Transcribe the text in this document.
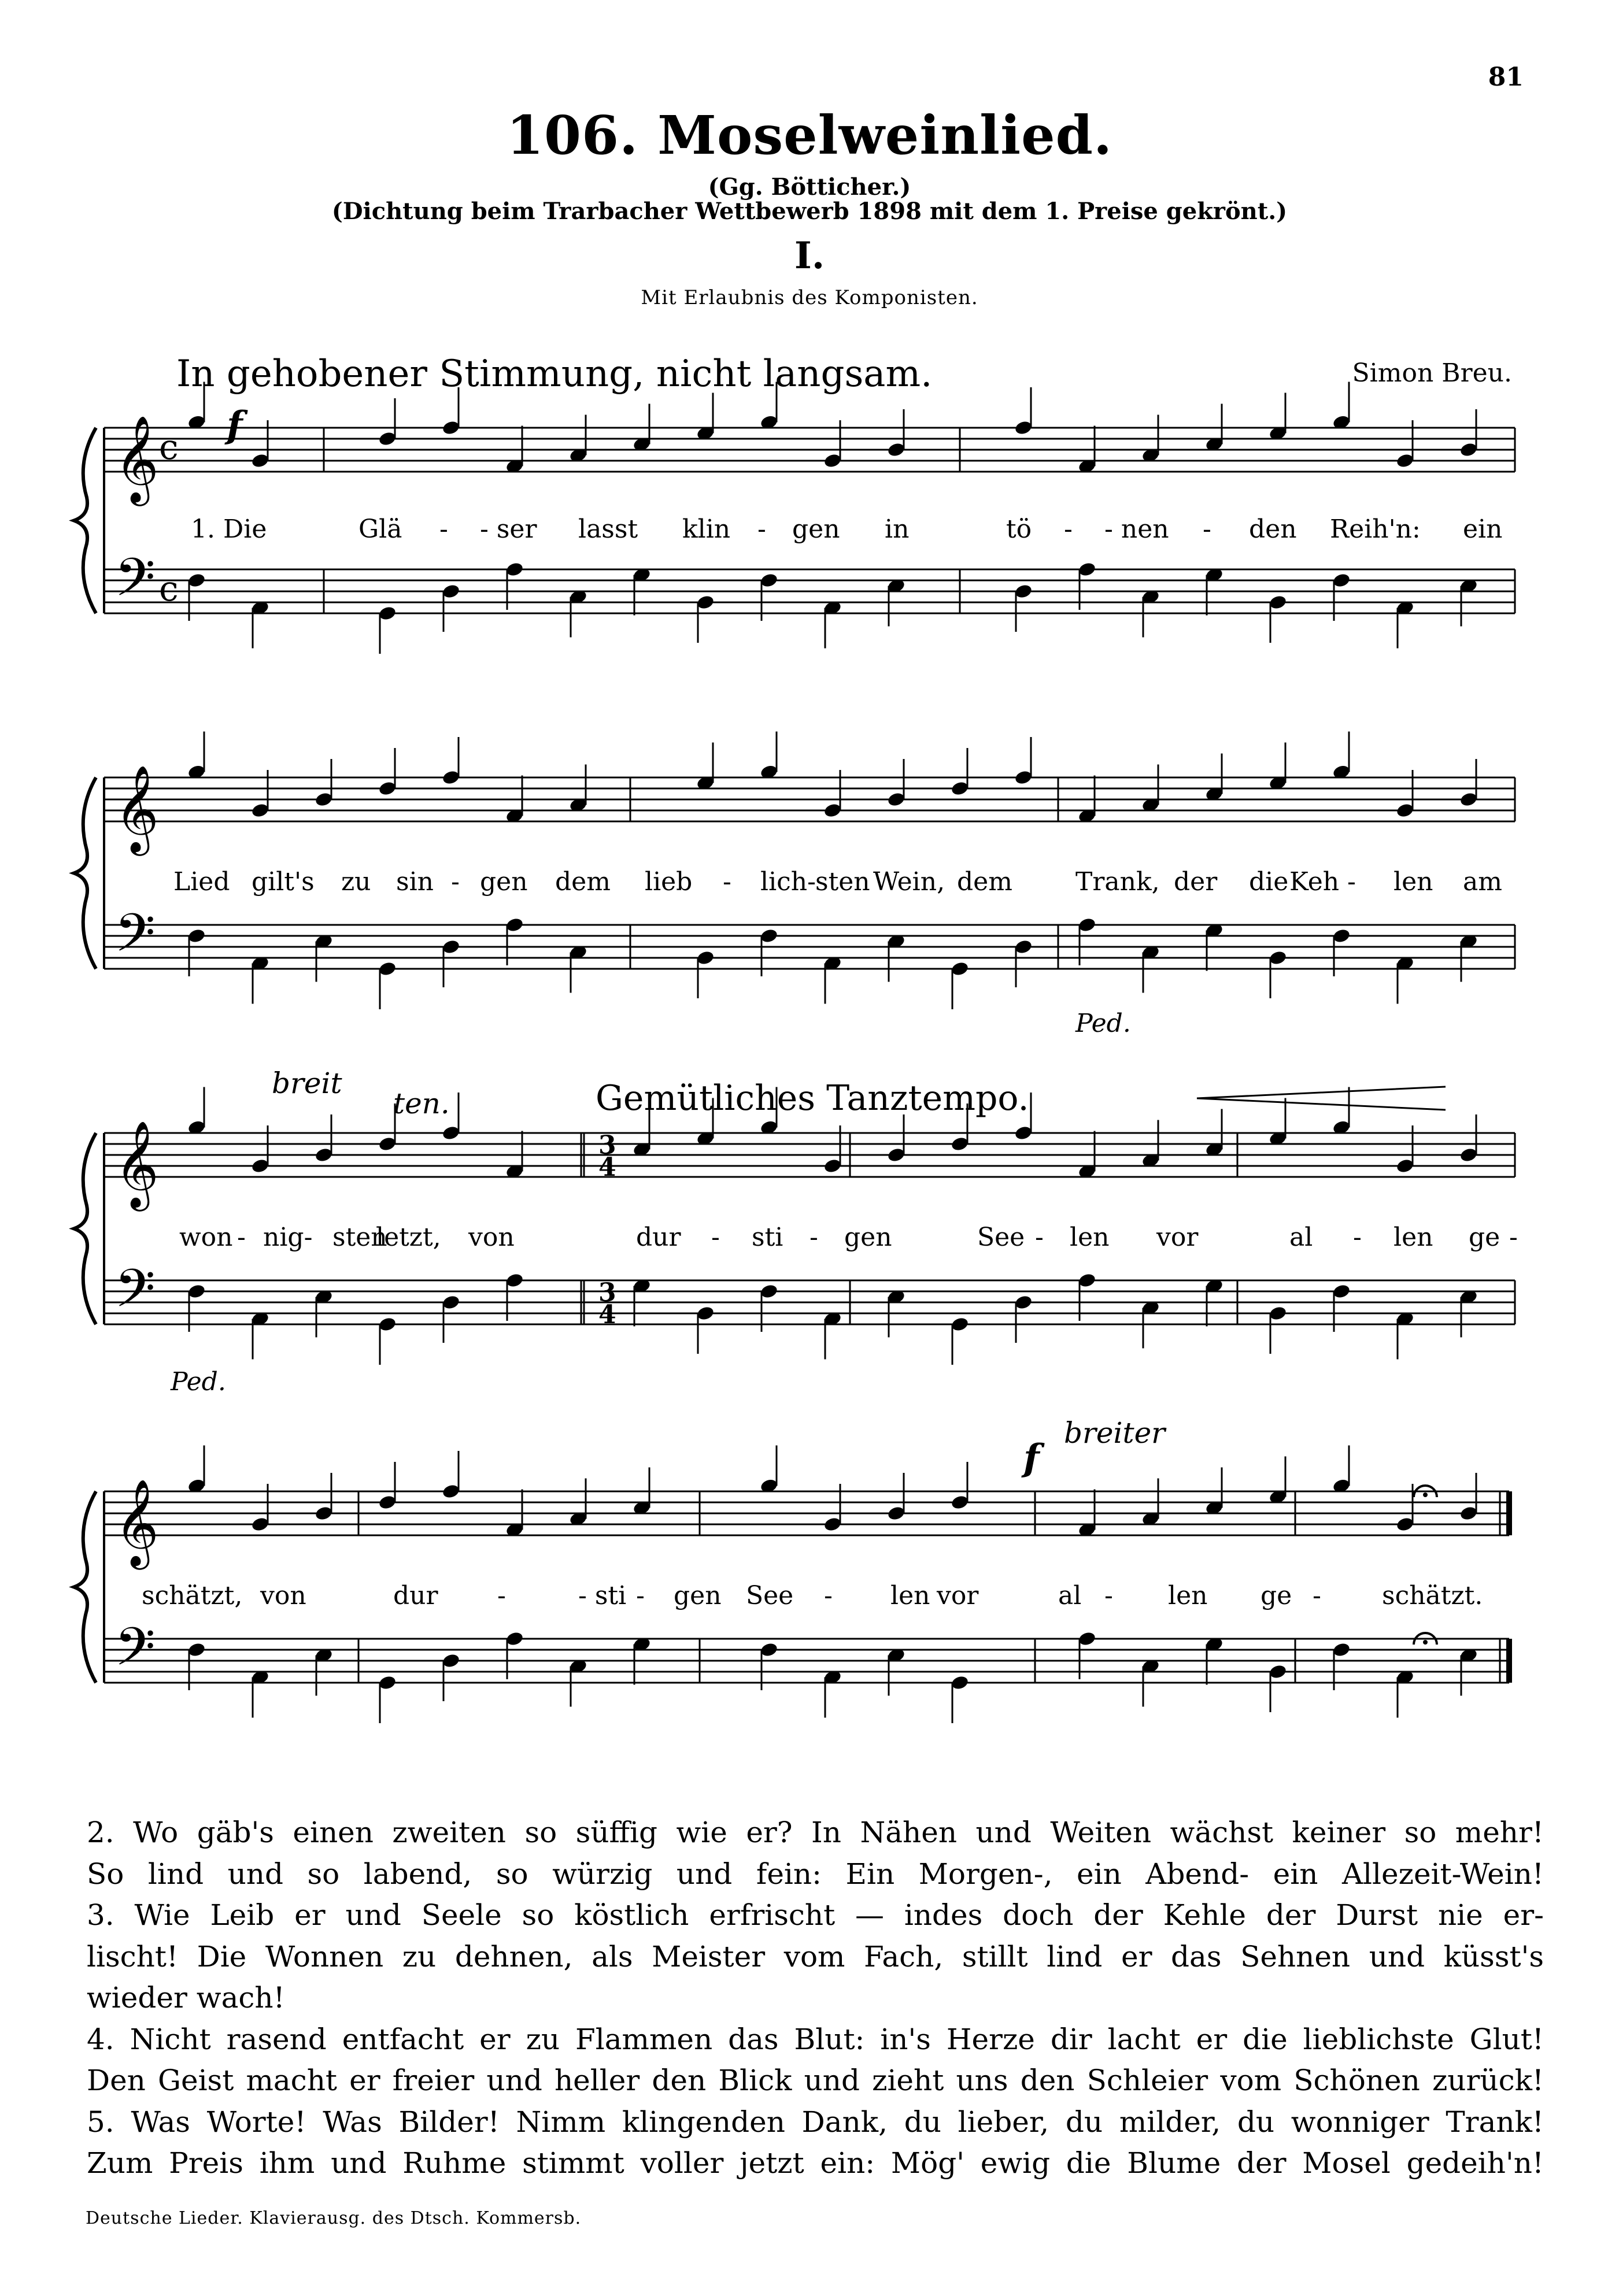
81
106. Moselweinlied.
(Gg. Bötticher.)
(Dichtung beim Trarbacher Wettbewerb 1898 mit dem 1. Preise gekrönt.)
I.
Mit Erlaubnis des Komponisten.
In gehobener Stimmung, nicht langsam.	Simon Breu.
Gemütliches Tanztempo.
breit
ten.
breiter
f
f
Ped.
Ped.
𝄞
𝄢
𝄞
𝄢
𝄞
𝄢
𝄞
𝄢
c
c
3
4
3
4
1. Die	Glä - - ser lasst klin - gen in	tö - - nen - den Reih'n: ein
Lied gilt's zu sin - gen dem lieb - lich- sten Wein, dem Trank, der die Keh - len am
won - nig- sten
letzt, von	dur - sti - gen	See - len vor	al - len ge -
schätzt, von	dur -	- sti - gen See - len vor	al - len ge - schätzt.

2. Wo gäb's einen zweiten so süffig wie er? In Nähen und Weiten wächst keiner so mehr!

So lind und so labend, so würzig und fein: Ein Morgen-, ein Abend- ein Allezeit-Wein!

3. Wie Leib er und Seele so köstlich erfrischt — indes doch der Kehle der Durst nie er-

lischt! Die Wonnen zu dehnen, als Meister vom Fach, stillt lind er das Sehnen und küsst's

wieder wach!

4. Nicht rasend entfacht er zu Flammen das Blut: in's Herze dir lacht er die lieblichste Glut!

Den Geist macht er freier und heller den Blick und zieht uns den Schleier vom Schönen zurück!

5. Was Worte! Was Bilder! Nimm klingenden Dank, du lieber, du milder, du wonniger Trank!

Zum Preis ihm und Ruhme stimmt voller jetzt ein: Mög' ewig die Blume der Mosel gedeih'n!

Deutsche Lieder. Klavierausg. des Dtsch. Kommersb.
